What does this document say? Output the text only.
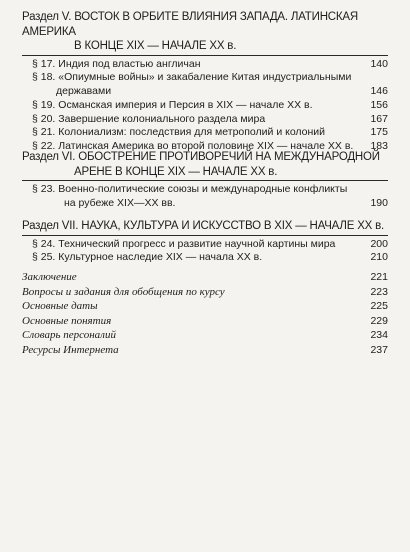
Раздел V. ВОСТОК В ОРБИТЕ ВЛИЯНИЯ ЗАПАДА. ЛАТИНСКАЯ АМЕРИКА
В КОНЦЕ XIX — НАЧАЛЕ XX в.
§ 17. Индия под властью англичан	140
§ 18. «Опиумные войны» и закабаление Китая индустриальными
державами	146
§ 19. Османская империя и Персия в XIX — начале XX в.	156
§ 20. Завершение колониального раздела мира	167
§ 21. Колониализм: последствия для метрополий и колоний	175
§ 22. Латинская Америка во второй половине XIX — начале XX в. 183
Раздел VI. ОБОСТРЕНИЕ ПРОТИВОРЕЧИЙ НА МЕЖДУНАРОДНОЙ
АРЕНЕ В КОНЦЕ XIX — НАЧАЛЕ XX в.
§ 23. Военно-политические союзы и международные конфликты
на рубеже XIX—XX вв.	190
Раздел VII. НАУКА, КУЛЬТУРА И ИСКУССТВО В XIX — НАЧАЛЕ XX в.
§ 24. Технический прогресс и развитие научной картины мира	200
§ 25. Культурное наследие XIX — начала XX в.	210
Заключение	221
Вопросы и задания для обобщения по курсу	223
Основные даты	225
Основные понятия	229
Словарь персоналий	234
Ресурсы Интернета	237
